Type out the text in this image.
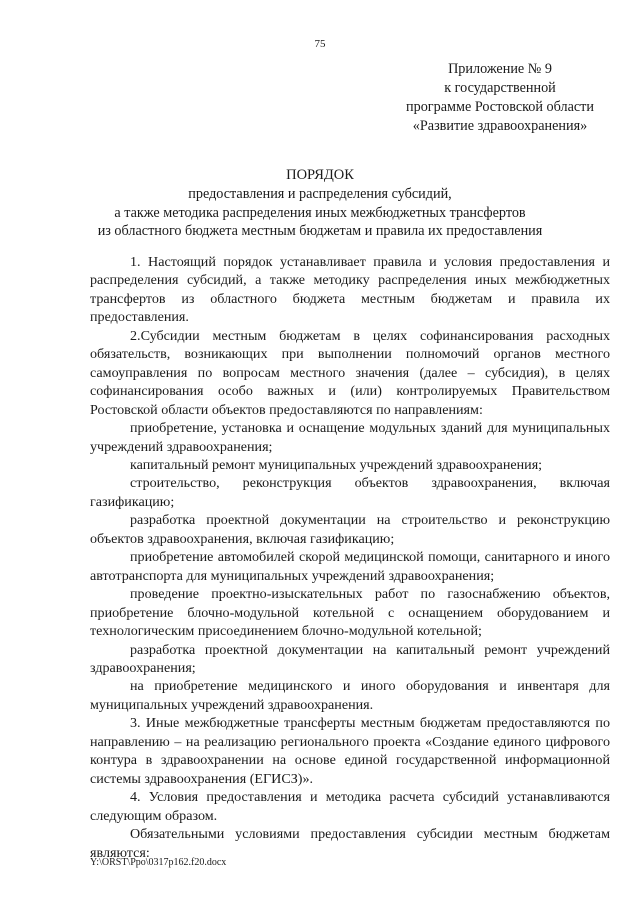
75
Приложение № 9
к государственной
программе Ростовской области
«Развитие здравоохранения»
ПОРЯДОК
предоставления и распределения субсидий,
а также методика распределения иных межбюджетных трансфертов
из областного бюджета местным бюджетам и правила их предоставления

1. Настоящий порядок устанавливает правила и условия предоставления и распределения субсидий, а также методику распределения иных межбюджетных трансфертов из областного бюджета местным бюджетам и правила их предоставления.

2.Субсидии местным бюджетам в целях софинансирования расходных обязательств, возникающих при выполнении полномочий органов местного самоуправления по вопросам местного значения (далее – субсидия), в целях софинансирования особо важных и (или) контролируемых Правительством Ростовской области объектов предоставляются по направлениям:

приобретение, установка и оснащение модульных зданий для муниципальных учреждений здравоохранения;

капитальный ремонт муниципальных учреждений здравоохранения;

строительство, реконструкция объектов здравоохранения, включая газификацию;

разработка проектной документации на строительство и реконструкцию объектов здравоохранения, включая газификацию;

приобретение автомобилей скорой медицинской помощи, санитарного и иного автотранспорта для муниципальных учреждений здравоохранения;

проведение проектно-изыскательных работ по газоснабжению объектов, приобретение блочно-модульной котельной с оснащением оборудованием и технологическим присоединением блочно-модульной котельной;

разработка проектной документации на капитальный ремонт учреждений здравоохранения;

на приобретение медицинского и иного оборудования и инвентаря для муниципальных учреждений здравоохранения.

3. Иные межбюджетные трансферты местным бюджетам предоставляются по направлению – на реализацию регионального проекта «Создание единого цифрового контура в здравоохранении на основе единой государственной информационной системы здравоохранения (ЕГИСЗ)».

4. Условия предоставления и методика расчета субсидий устанавливаются следующим образом.

Обязательными условиями предоставления субсидии местным бюджетам являются:

Y:\ORST\Ppo\0317p162.f20.docx
